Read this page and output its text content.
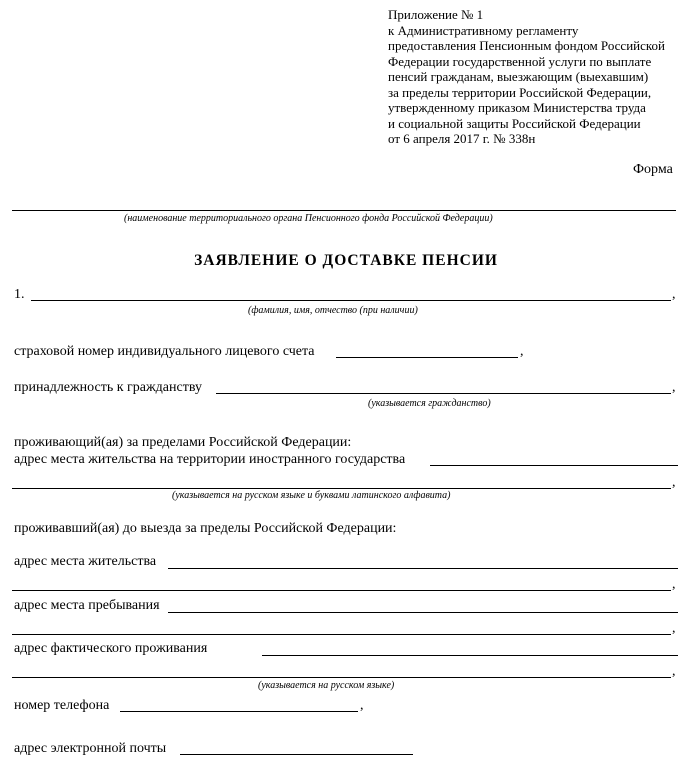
Приложение № 1
к Административному регламенту
предоставления Пенсионным фондом Российской
Федерации государственной услуги по выплате
пенсий гражданам, выезжающим (выехавшим)
за пределы территории Российской Федерации,
утвержденному приказом Министерства труда
и социальной защиты Российской Федерации
от 6 апреля 2017 г. № 338н
Форма
(наименование территориального органа Пенсионного фонда Российской Федерации)
ЗАЯВЛЕНИЕ О ДОСТАВКЕ ПЕНСИИ
1.	,
(фамилия, имя, отчество (при наличии)
страховой номер индивидуального лицевого счета	,
принадлежность к гражданству	,
(указывается гражданство)
проживающий(ая) за пределами Российской Федерации:
адрес места жительства на территории иностранного государства
,
(указывается на русском языке и буквами латинского алфавита)
проживавший(ая) до выезда за пределы Российской Федерации:
адрес места жительства
,
адрес места пребывания
,
адрес фактического проживания
,
(указывается на русском языке)
номер телефона	,
адрес электронной почты
